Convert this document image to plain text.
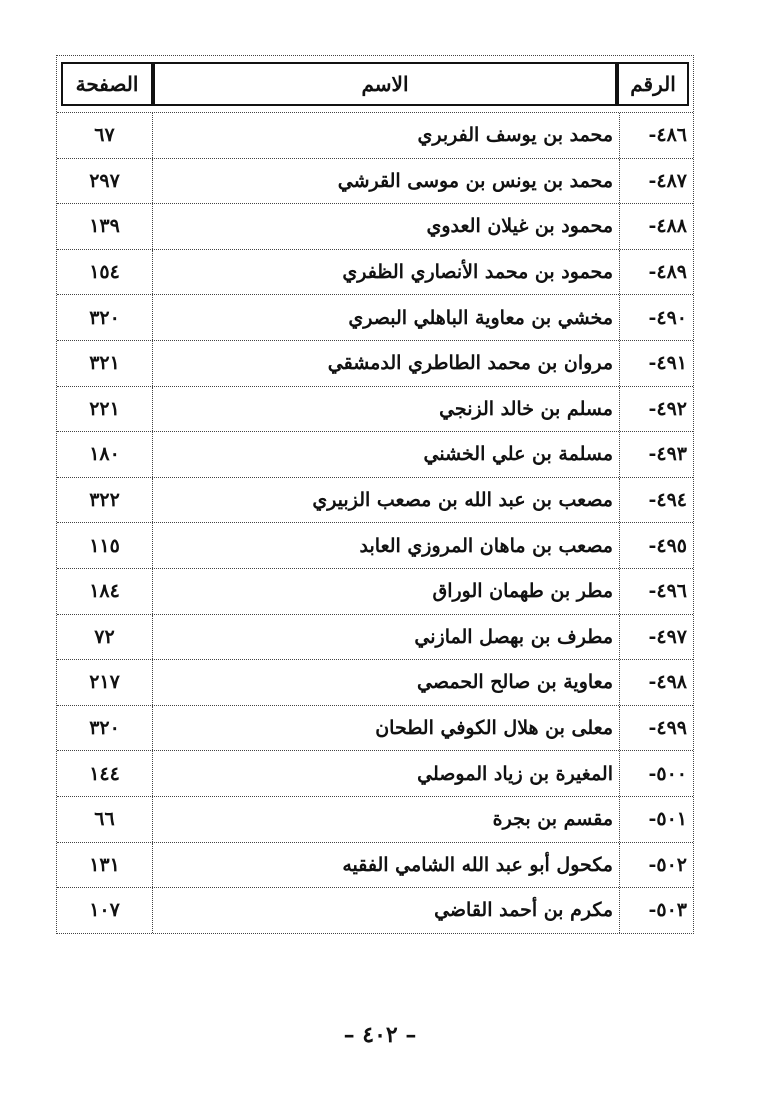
الرقم
الاسم
الصفحة
٤٨٦-
محمد بن يوسف الفربري
٦٧
٤٨٧-
محمد بن يونس بن موسى القرشي
٢٩٧
٤٨٨-
محمود بن غيلان العدوي
١٣٩
٤٨٩-
محمود بن محمد الأنصاري الظفري
١٥٤
٤٩٠-
مخشي بن معاوية الباهلي البصري
٣٢٠
٤٩١-
مروان بن محمد الطاطري الدمشقي
٣٢١
٤٩٢-
مسلم بن خالد الزنجي
٢٢١
٤٩٣-
مسلمة بن علي الخشني
١٨٠
٤٩٤-
مصعب بن عبد الله بن مصعب الزبيري
٣٢٢
٤٩٥-
مصعب بن ماهان المروزي العابد
١١٥
٤٩٦-
مطر بن طهمان الوراق
١٨٤
٤٩٧-
مطرف بن بهصل المازني
٧٢
٤٩٨-
معاوية بن صالح الحمصي
٢١٧
٤٩٩-
معلى بن هلال الكوفي الطحان
٣٢٠
٥٠٠-
المغيرة بن زياد الموصلي
١٤٤
٥٠١-
مقسم بن بجرة
٦٦
٥٠٢-
مكحول أبو عبد الله الشامي الفقيه
١٣١
٥٠٣-
مكرم بن أحمد القاضي
١٠٧
– ٤٠٢ –
